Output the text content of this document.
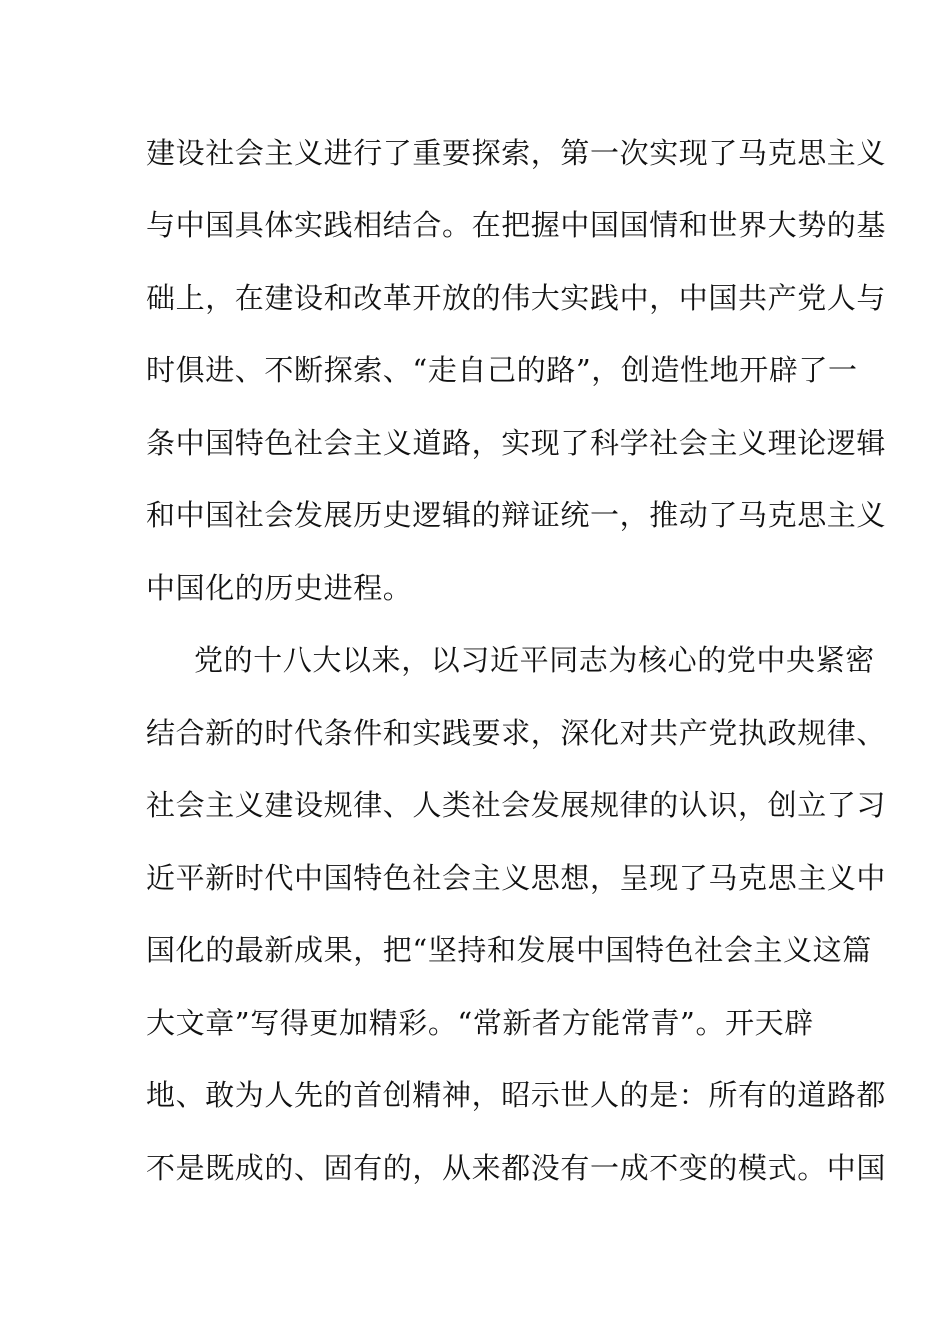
建设社会主义进行了重要探索，第一次实现了马克思主义
与中国具体实践相结合。在把握中国国情和世界大势的基
础上，在建设和改革开放的伟大实践中，中国共产党人与
时俱进、不断探索、“走自己的路”，创造性地开辟了一
条中国特色社会主义道路，实现了科学社会主义理论逻辑
和中国社会发展历史逻辑的辩证统一，推动了马克思主义
中国化的历史进程。
党的十八大以来，以习近平同志为核心的党中央紧密
结合新的时代条件和实践要求，深化对共产党执政规律、
社会主义建设规律、人类社会发展规律的认识，创立了习
近平新时代中国特色社会主义思想，呈现了马克思主义中
国化的最新成果，把“坚持和发展中国特色社会主义这篇
大文章”写得更加精彩。“常新者方能常青”。开天辟
地、敢为人先的首创精神，昭示世人的是：所有的道路都
不是既成的、固有的，从来都没有一成不变的模式。中国
